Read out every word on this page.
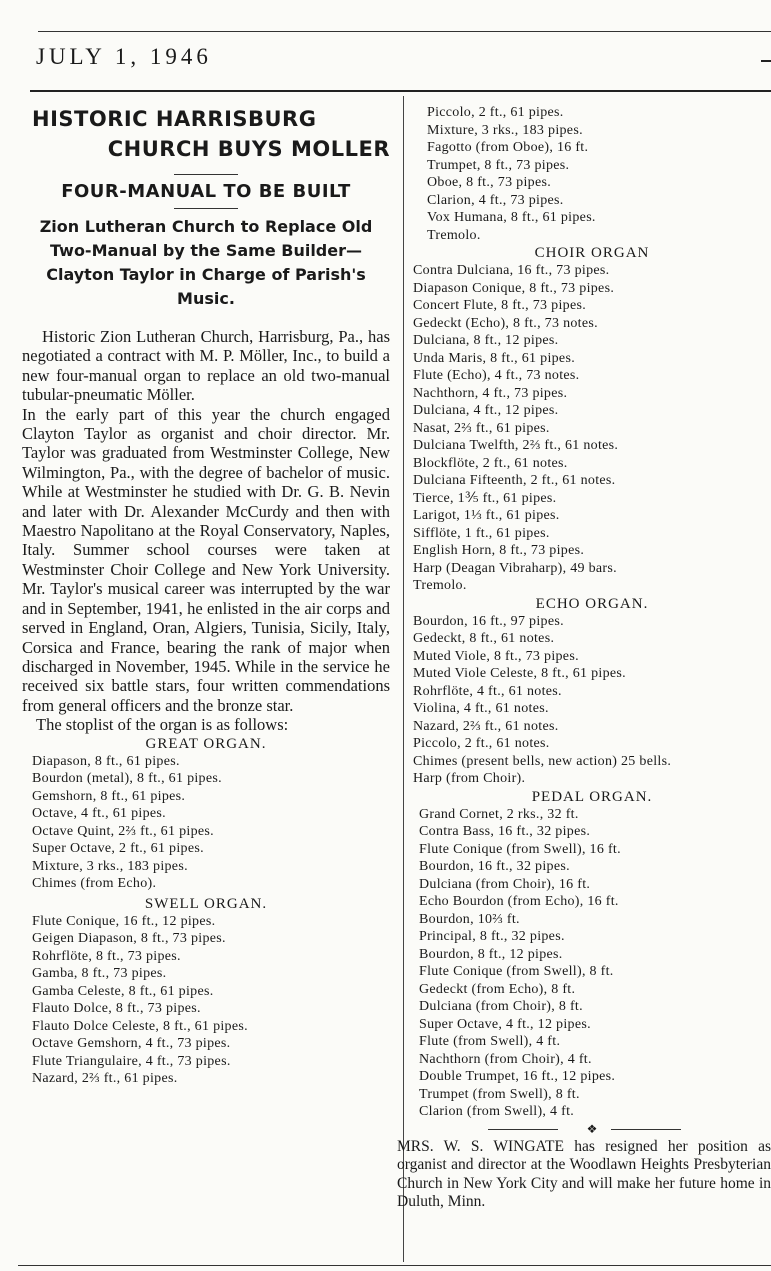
JULY 1, 1946
HISTORIC HARRISBURG
CHURCH BUYS MOLLER
FOUR-MANUAL TO BE BUILT

Zion Lutheran Church to Replace Old Two-Manual by the Same Builder—Clayton Taylor in Charge of Parish's Music.

Historic Zion Lutheran Church, Harrisburg, Pa., has negotiated a contract with M. P. Möller, Inc., to build a new four-manual organ to replace an old two-manual tubular-pneumatic Möller.

In the early part of this year the church engaged Clayton Taylor as organist and choir director. Mr. Taylor was graduated from Westminster College, New Wilmington, Pa., with the degree of bachelor of music. While at Westminster he studied with Dr. G. B. Nevin and later with Dr. Alexander McCurdy and then with Maestro Napolitano at the Royal Conservatory, Naples, Italy. Summer school courses were taken at Westminster Choir College and New York University. Mr. Taylor's musical career was interrupted by the war and in September, 1941, he enlisted in the air corps and served in England, Oran, Algiers, Tunisia, Sicily, Italy, Corsica and France, bearing the rank of major when discharged in November, 1945. While in the service he received six battle stars, four written commendations from general officers and the bronze star.

The stoplist of the organ is as follows:

GREAT ORGAN.

Diapason, 8 ft., 61 pipes.

Bourdon (metal), 8 ft., 61 pipes.

Gemshorn, 8 ft., 61 pipes.

Octave, 4 ft., 61 pipes.

Octave Quint, 2⅔ ft., 61 pipes.

Super Octave, 2 ft., 61 pipes.

Mixture, 3 rks., 183 pipes.

Chimes (from Echo).

SWELL ORGAN.

Flute Conique, 16 ft., 12 pipes.

Geigen Diapason, 8 ft., 73 pipes.

Rohrflöte, 8 ft., 73 pipes.

Gamba, 8 ft., 73 pipes.

Gamba Celeste, 8 ft., 61 pipes.

Flauto Dolce, 8 ft., 73 pipes.

Flauto Dolce Celeste, 8 ft., 61 pipes.

Octave Gemshorn, 4 ft., 73 pipes.

Flute Triangulaire, 4 ft., 73 pipes.

Nazard, 2⅔ ft., 61 pipes.

Piccolo, 2 ft., 61 pipes.

Mixture, 3 rks., 183 pipes.

Fagotto (from Oboe), 16 ft.

Trumpet, 8 ft., 73 pipes.

Oboe, 8 ft., 73 pipes.

Clarion, 4 ft., 73 pipes.

Vox Humana, 8 ft., 61 pipes.

Tremolo.

CHOIR ORGAN

Contra Dulciana, 16 ft., 73 pipes.

Diapason Conique, 8 ft., 73 pipes.

Concert Flute, 8 ft., 73 pipes.

Gedeckt (Echo), 8 ft., 73 notes.

Dulciana, 8 ft., 12 pipes.

Unda Maris, 8 ft., 61 pipes.

Flute (Echo), 4 ft., 73 notes.

Nachthorn, 4 ft., 73 pipes.

Dulciana, 4 ft., 12 pipes.

Nasat, 2⅔ ft., 61 pipes.

Dulciana Twelfth, 2⅔ ft., 61 notes.

Blockflöte, 2 ft., 61 notes.

Dulciana Fifteenth, 2 ft., 61 notes.

Tierce, 1⅗ ft., 61 pipes.

Larigot, 1⅓ ft., 61 pipes.

Sifflöte, 1 ft., 61 pipes.

English Horn, 8 ft., 73 pipes.

Harp (Deagan Vibraharp), 49 bars.

Tremolo.

ECHO ORGAN.

Bourdon, 16 ft., 97 pipes.

Gedeckt, 8 ft., 61 notes.

Muted Viole, 8 ft., 73 pipes.

Muted Viole Celeste, 8 ft., 61 pipes.

Rohrflöte, 4 ft., 61 notes.

Violina, 4 ft., 61 notes.

Nazard, 2⅔ ft., 61 notes.

Piccolo, 2 ft., 61 notes.

Chimes (present bells, new action) 25 bells.

Harp (from Choir).

PEDAL ORGAN.

Grand Cornet, 2 rks., 32 ft.

Contra Bass, 16 ft., 32 pipes.

Flute Conique (from Swell), 16 ft.

Bourdon, 16 ft., 32 pipes.

Dulciana (from Choir), 16 ft.

Echo Bourdon (from Echo), 16 ft.

Bourdon, 10⅔ ft.

Principal, 8 ft., 32 pipes.

Bourdon, 8 ft., 12 pipes.

Flute Conique (from Swell), 8 ft.

Gedeckt (from Echo), 8 ft.

Dulciana (from Choir), 8 ft.

Super Octave, 4 ft., 12 pipes.

Flute (from Swell), 4 ft.

Nachthorn (from Choir), 4 ft.

Double Trumpet, 16 ft., 12 pipes.

Trumpet (from Swell), 8 ft.

Clarion (from Swell), 4 ft.

❖

MRS. W. S. WINGATE has resigned her position as organist and director at the Woodlawn Heights Presbyterian Church in New York City and will make her future home in Duluth, Minn.
